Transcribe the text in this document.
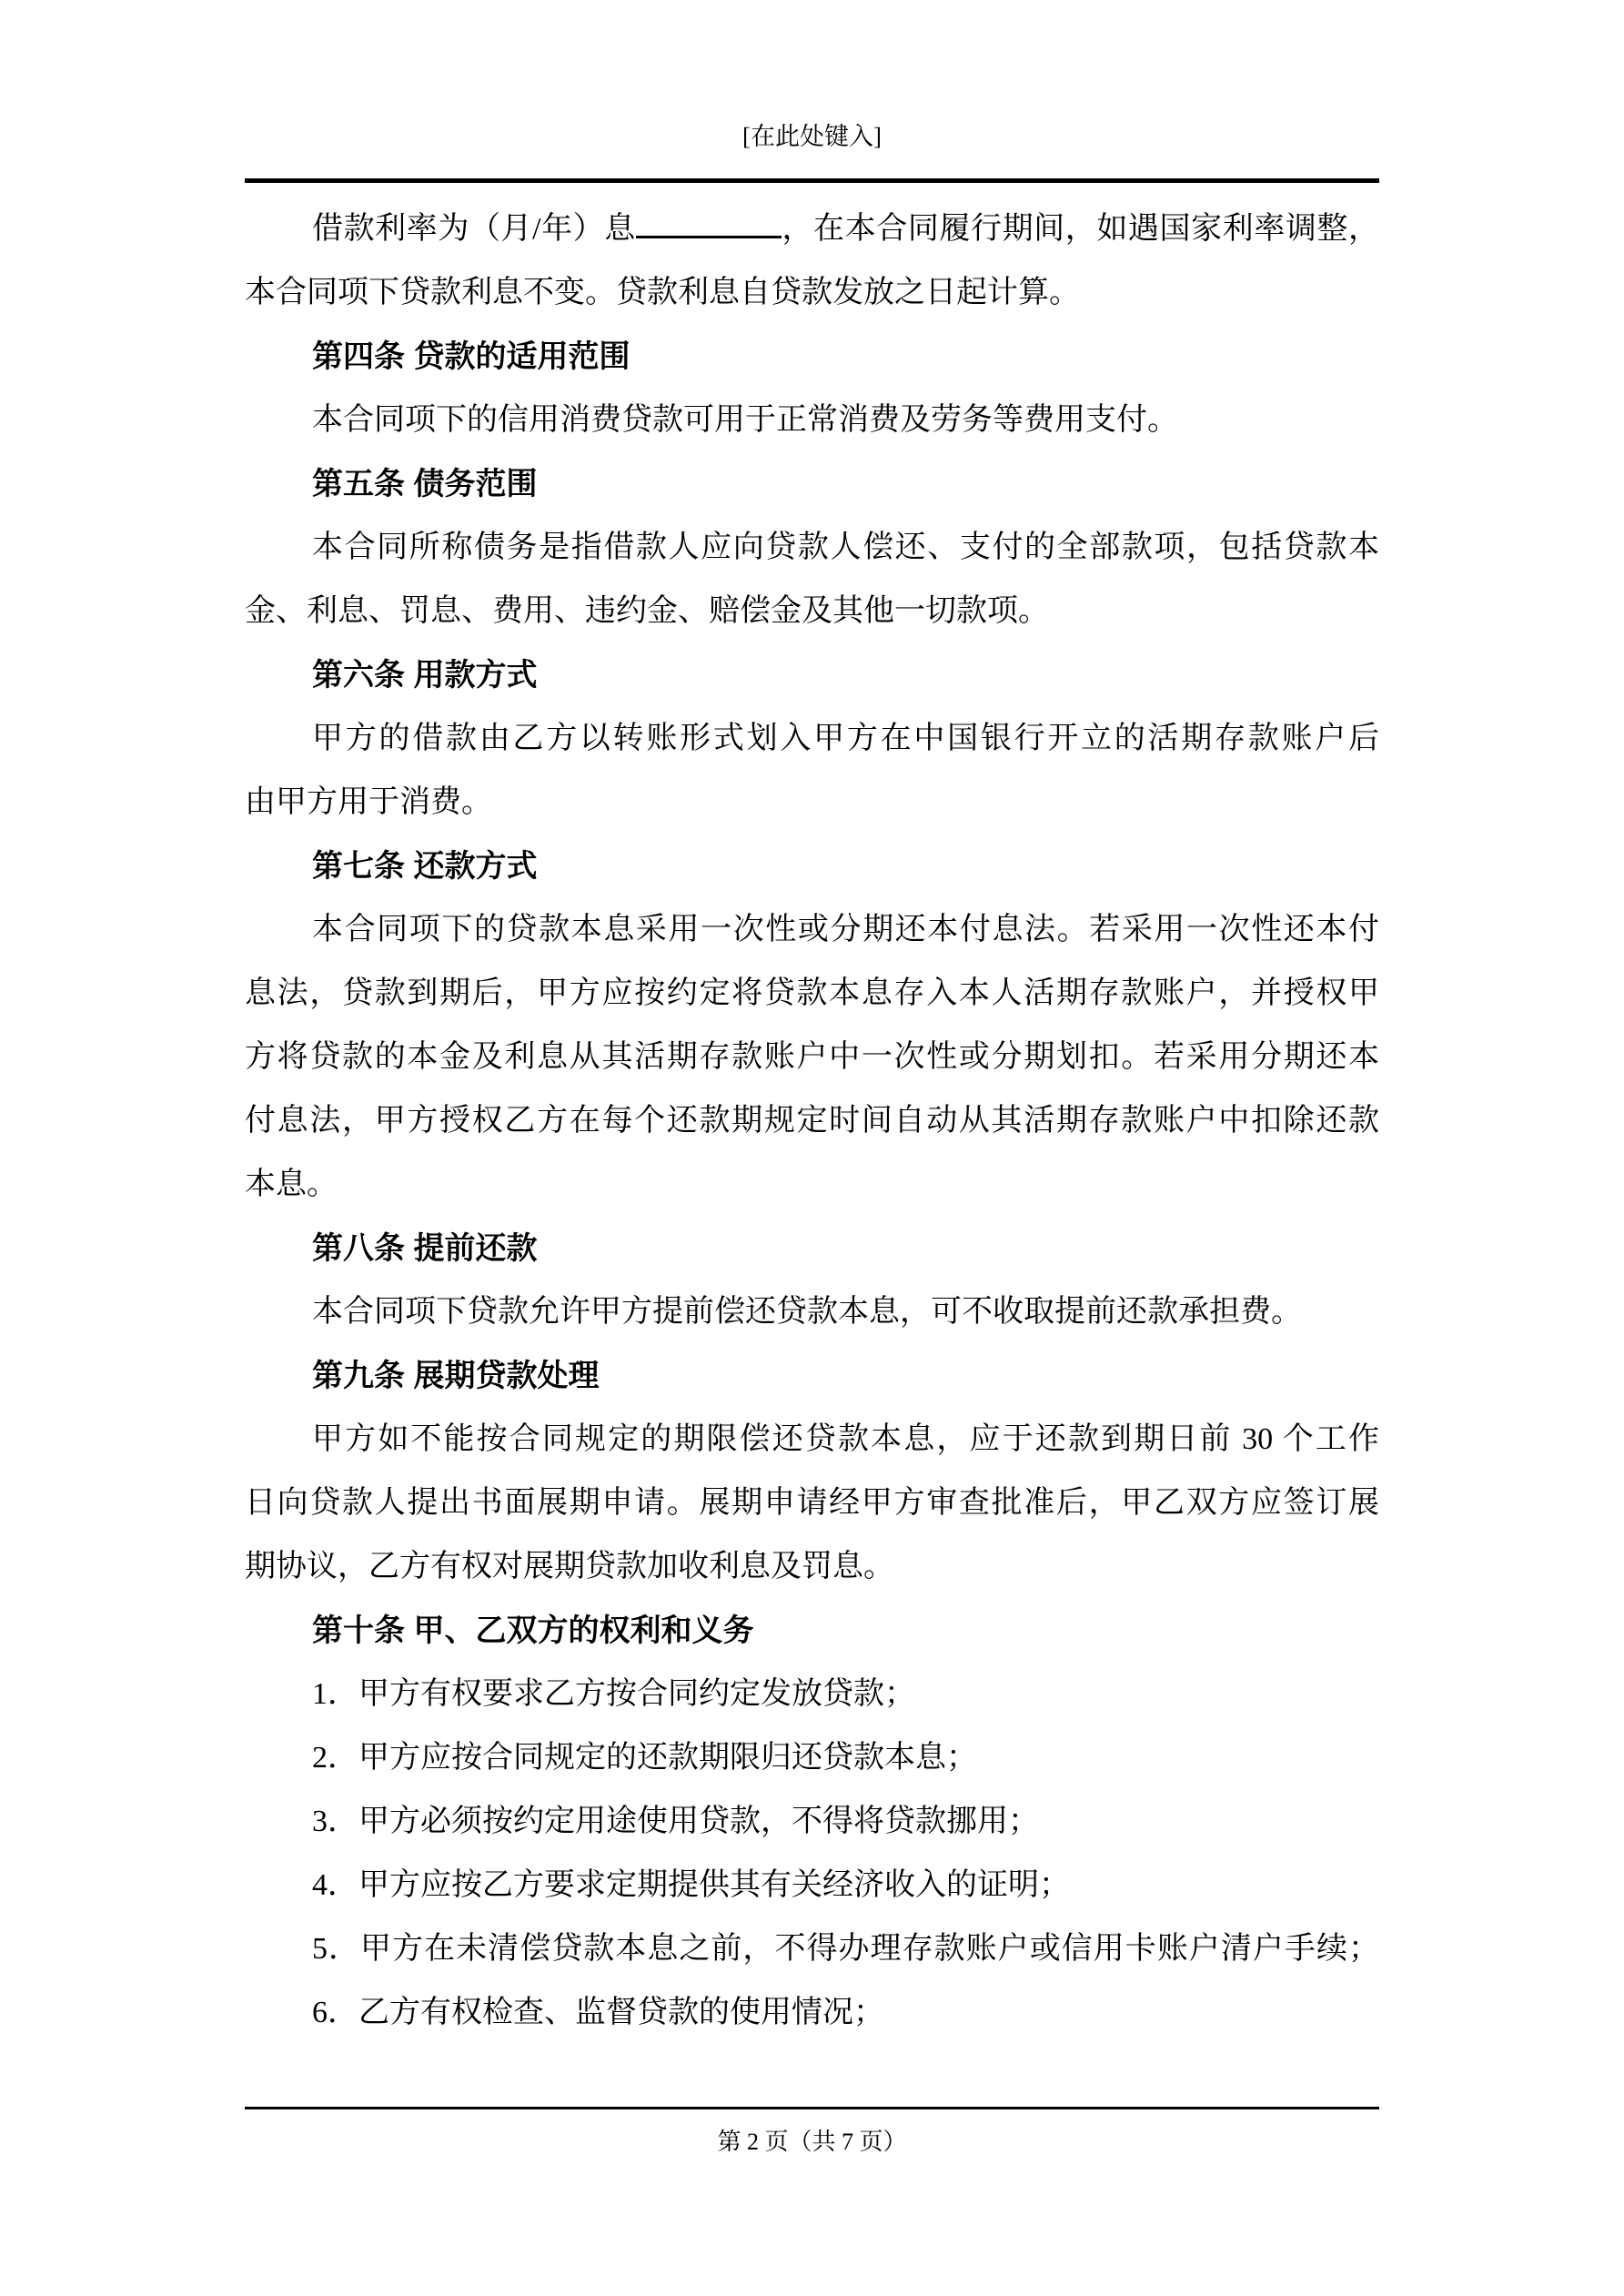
[在此处键入]
借款利率为（月/年）息	，在本合同履行期间，如遇国家利率调整，
本合同项下贷款利息不变。贷款利息自贷款发放之日起计算。
第四条 贷款的适用范围
本合同项下的信用消费贷款可用于正常消费及劳务等费用支付。
第五条 债务范围
本合同所称债务是指借款人应向贷款人偿还、支付的全部款项，包括贷款本
金、利息、罚息、费用、违约金、赔偿金及其他一切款项。
第六条 用款方式
甲方的借款由乙方以转账形式划入甲方在中国银行开立的活期存款账户后
由甲方用于消费。
第七条 还款方式
本合同项下的贷款本息采用一次性或分期还本付息法。若采用一次性还本付
息法，贷款到期后，甲方应按约定将贷款本息存入本人活期存款账户，并授权甲
方将贷款的本金及利息从其活期存款账户中一次性或分期划扣。若采用分期还本
付息法，甲方授权乙方在每个还款期规定时间自动从其活期存款账户中扣除还款
本息。
第八条 提前还款
本合同项下贷款允许甲方提前偿还贷款本息，可不收取提前还款承担费。
第九条 展期贷款处理
甲方如不能按合同规定的期限偿还贷款本息，应于还款到期日前 30 个工作
日向贷款人提出书面展期申请。展期申请经甲方审查批准后，甲乙双方应签订展
期协议，乙方有权对展期贷款加收利息及罚息。
第十条 甲、乙双方的权利和义务
1．甲方有权要求乙方按合同约定发放贷款；
2．甲方应按合同规定的还款期限归还贷款本息；
3．甲方必须按约定用途使用贷款，不得将贷款挪用；
4．甲方应按乙方要求定期提供其有关经济收入的证明；
5．甲方在未清偿贷款本息之前，不得办理存款账户或信用卡账户清户手续；
6．乙方有权检查、监督贷款的使用情况；
第 2 页（共 7 页）
